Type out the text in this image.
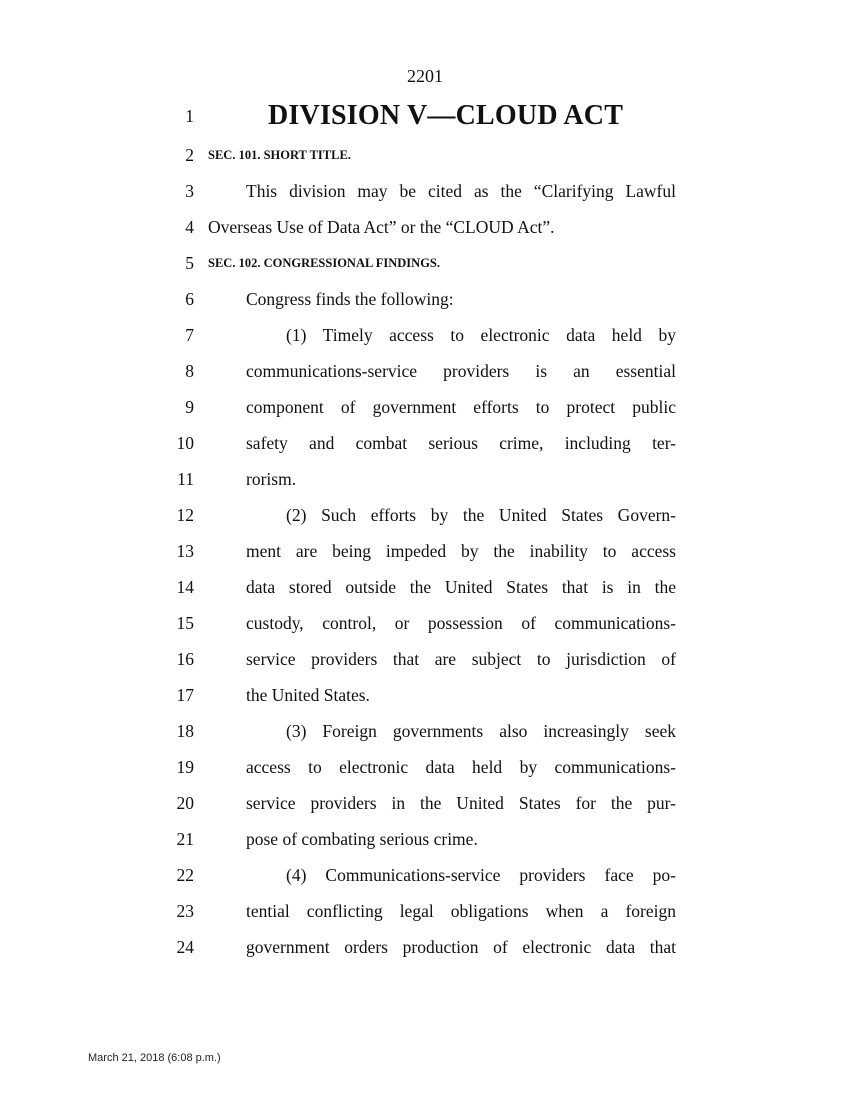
2201
1	DIVISION V—CLOUD ACT
2 SEC. 101. SHORT TITLE.
3	This division may be cited as the “Clarifying Lawful
4 Overseas Use of Data Act” or the “CLOUD Act”.
5 SEC. 102. CONGRESSIONAL FINDINGS.
6	Congress finds the following:
7	(1) Timely access to electronic data held by
8	communications-service providers is an essential
9	component of government efforts to protect public
10	safety and combat serious crime, including ter-
11	rorism.
12	(2) Such efforts by the United States Govern-
13	ment are being impeded by the inability to access
14	data stored outside the United States that is in the
15	custody, control, or possession of communications-
16	service providers that are subject to jurisdiction of
17	the United States.
18	(3) Foreign governments also increasingly seek
19	access to electronic data held by communications-
20	service providers in the United States for the pur-
21	pose of combating serious crime.
22	(4) Communications-service providers face po-
23	tential conflicting legal obligations when a foreign
24	government orders production of electronic data that
March 21, 2018 (6:08 p.m.)
